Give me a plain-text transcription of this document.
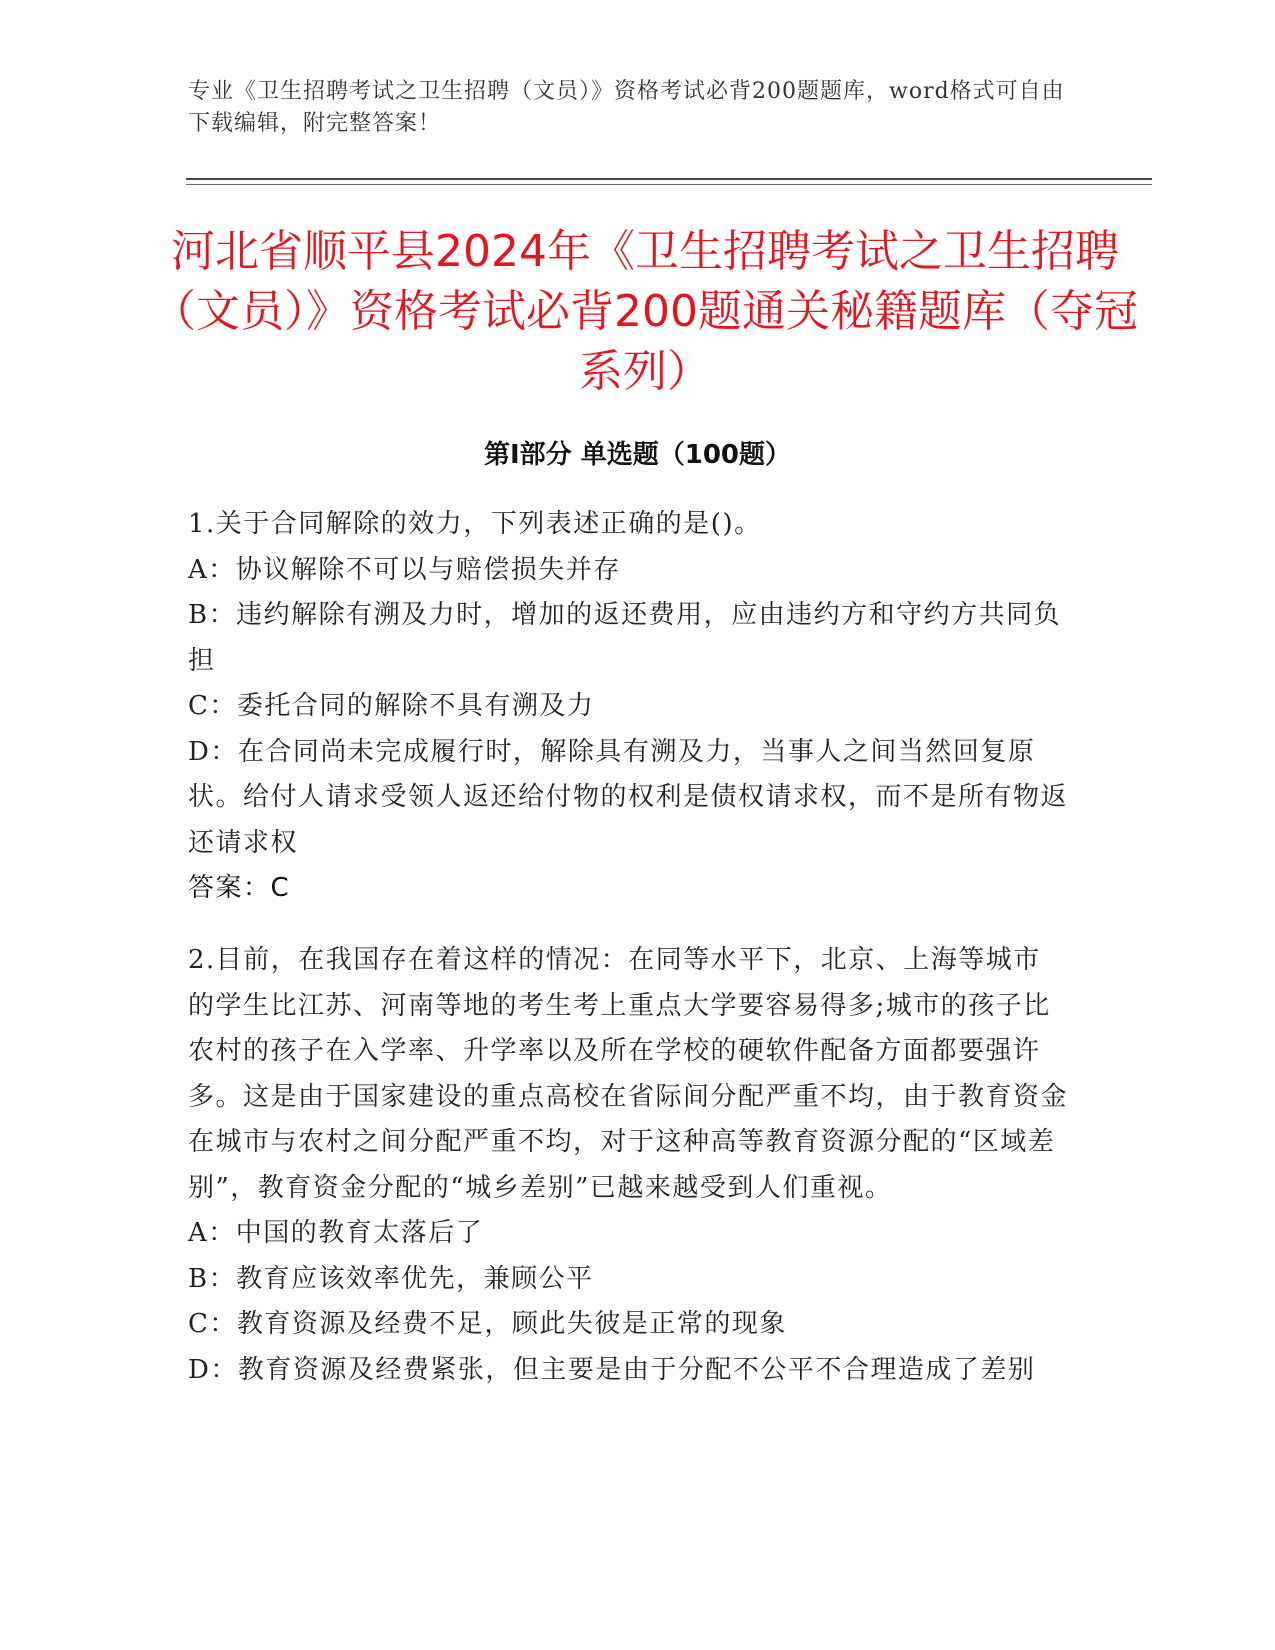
专业《卫生招聘考试之卫生招聘（文员）》资格考试必背200题题库，word格式可自由下载编辑，附完整答案！
河北省顺平县2024年《卫生招聘考试之卫生招聘（文员）》资格考试必背200题通关秘籍题库（夺冠系列）
第Ⅰ部分 单选题（100题）

1.关于合同解除的效力，下列表述正确的是()。

A：协议解除不可以与赔偿损失并存

B：违约解除有溯及力时，增加的返还费用，应由违约方和守约方共同负担

C：委托合同的解除不具有溯及力

D：在合同尚未完成履行时，解除具有溯及力，当事人之间当然回复原状。给付人请求受领人返还给付物的权利是债权请求权，而不是所有物返还请求权

答案：C

2.目前，在我国存在着这样的情况：在同等水平下，北京、上海等城市的学生比江苏、河南等地的考生考上重点大学要容易得多;城市的孩子比农村的孩子在入学率、升学率以及所在学校的硬软件配备方面都要强许多。这是由于国家建设的重点高校在省际间分配严重不均，由于教育资金在城市与农村之间分配严重不均，对于这种高等教育资源分配的“区域差别”，教育资金分配的“城乡差别”已越来越受到人们重视。

A：中国的教育太落后了

B：教育应该效率优先，兼顾公平

C：教育资源及经费不足，顾此失彼是正常的现象

D：教育资源及经费紧张，但主要是由于分配不公平不合理造成了差别
